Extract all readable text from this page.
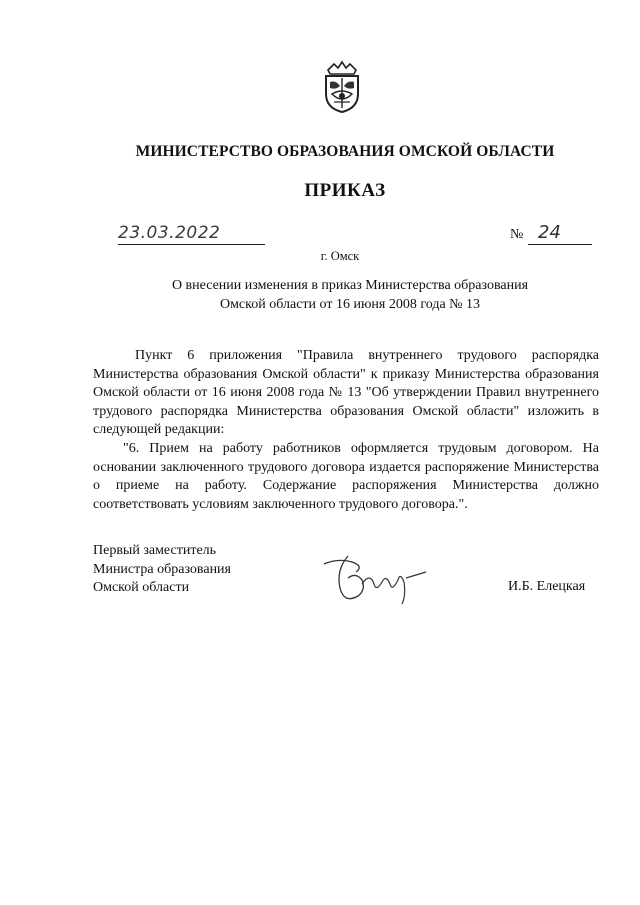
МИНИСТЕРСТВО ОБРАЗОВАНИЯ ОМСКОЙ ОБЛАСТИ
ПРИКАЗ
23.03.2022	№ 24
г. Омск
О внесении изменения в приказ Министерства образования
Омской области от 16 июня 2008 года № 13

Пункт 6 приложения "Правила внутреннего трудового распорядка Министерства образования Омской области" к приказу Министерства образования Омской области от 16 июня 2008 года № 13 "Об утверждении Правил внутреннего трудового распорядка Министерства образования Омской области" изложить в следующей редакции:

"6. Прием на работу работников оформляется трудовым договором. На основании заключенного трудового договора издается распоряжение Министерства о приеме на работу. Содержание распоряжения Министерства должно соответствовать условиям заключенного трудового договора.".

Первый заместитель
Министра образования
Омской области	И.Б. Елецкая
